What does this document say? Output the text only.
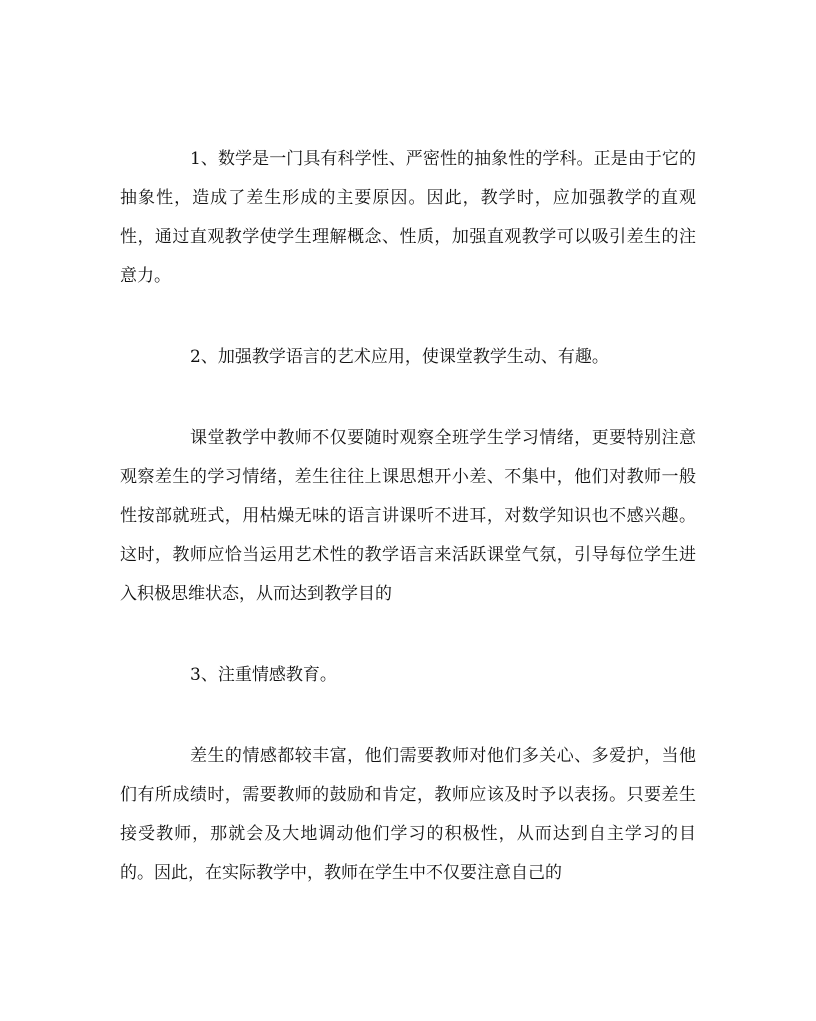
1、数学是一门具有科学性、严密性的抽象性的学科。正是由于它的抽象性，造成了差生形成的主要原因。因此，教学时，应加强教学的直观性，通过直观教学使学生理解概念、性质，加强直观教学可以吸引差生的注意力。

2、加强教学语言的艺术应用，使课堂教学生动、有趣。

课堂教学中教师不仅要随时观察全班学生学习情绪，更要特别注意观察差生的学习情绪，差生往往上课思想开小差、不集中，他们对教师一般性按部就班式，用枯燥无味的语言讲课听不进耳，对数学知识也不感兴趣。这时，教师应恰当运用艺术性的教学语言来活跃课堂气氛，引导每位学生进入积极思维状态，从而达到教学目的

3、注重情感教育。

差生的情感都较丰富，他们需要教师对他们多关心、多爱护，当他们有所成绩时，需要教师的鼓励和肯定，教师应该及时予以表扬。只要差生接受教师，那就会及大地调动他们学习的积极性，从而达到自主学习的目的。因此，在实际教学中，教师在学生中不仅要注意自己的
